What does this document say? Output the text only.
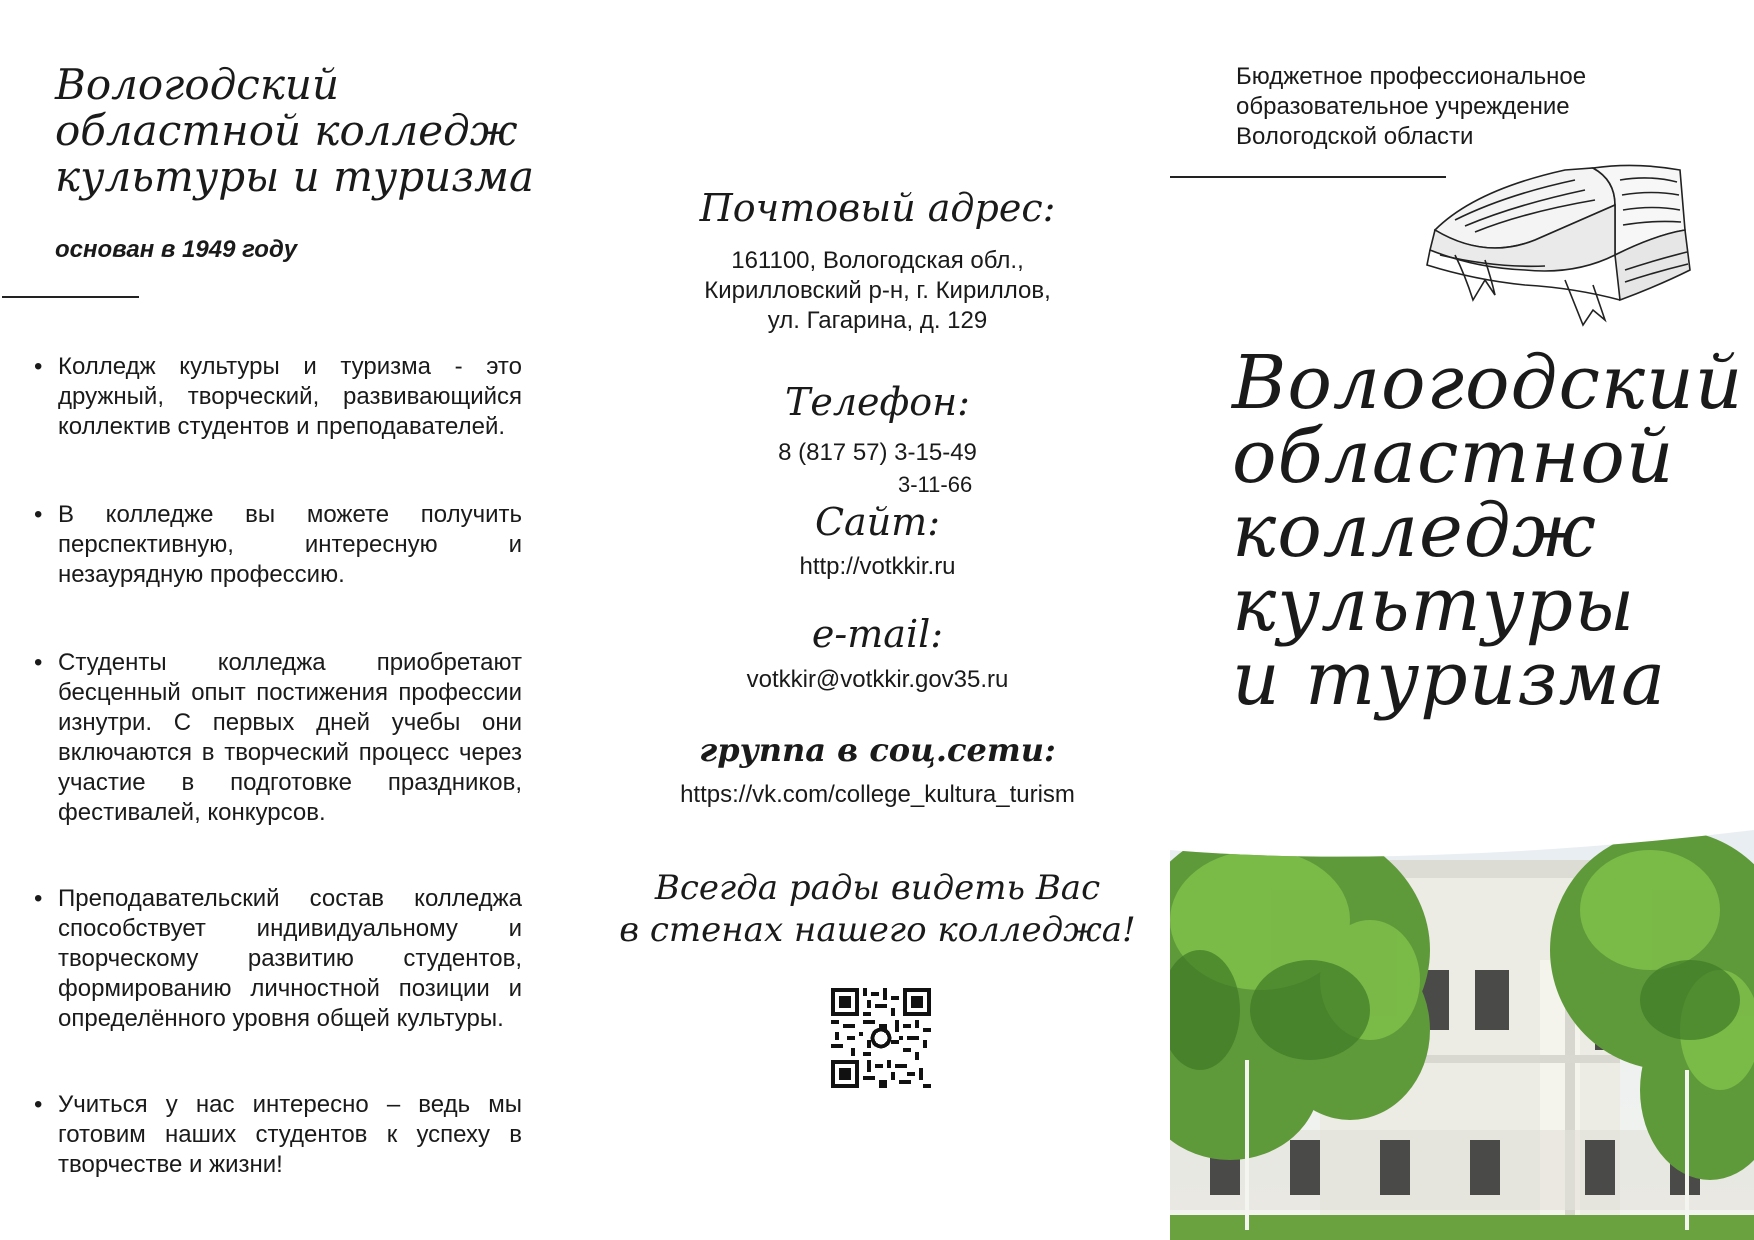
Вологодский областной колледж культуры и туризма
основан в 1949 году
• Колледж культуры и туризма - это дружный, творческий, развивающийся коллектив студентов и преподавателей.
• В колледже вы можете получить перспективную, интересную и незаурядную профессию.
• Студенты колледжа приобретают бесценный опыт постижения профессии изнутри. С первых дней учебы они включаются в творческий процесс через участие в подготовке праздников, фестивалей, конкурсов.
• Преподавательский состав колледжа способствует индивидуальному и творческому развитию студентов, формированию личностной позиции и определённого уровня общей культуры.
• Учиться у нас интересно – ведь мы готовим наших студентов к успеху в творчестве и жизни!
Почтовый адрес:
161100, Вологодская обл.,
Кирилловский р-н, г. Кириллов,
ул. Гагарина, д. 129
Телефон:
8 (817 57) 3-15-49
3-11-66
Сайт:
http://votkkir.ru
e-mail:
votkkir@votkkir.gov35.ru
группа в соц.сети:
https://vk.com/college_kultura_turism
Всегда рады видеть Вас
в стенах нашего колледжа!
Бюджетное профессиональное
образовательное учреждение
Вологодской области
Вологодский
областной
колледж
культуры
и туризма
